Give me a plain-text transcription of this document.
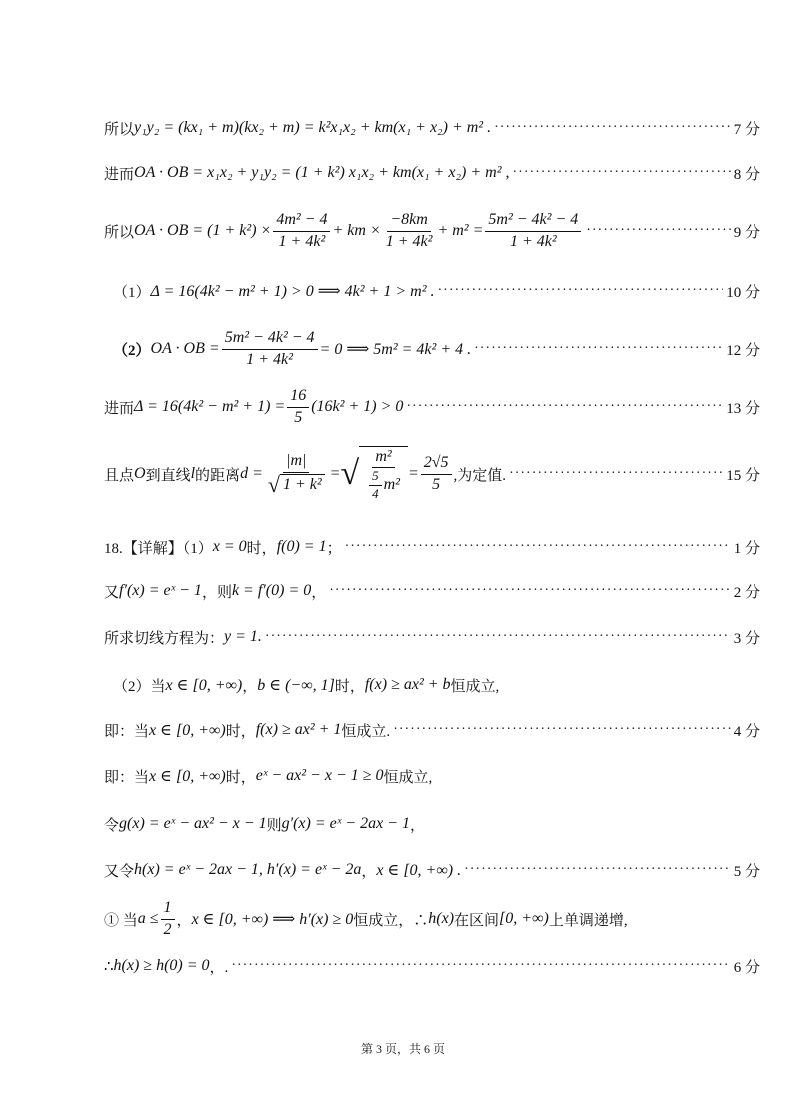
所以 y₁y₂ = (kx₁ + m)(kx₂ + m) = k²x₁x₂ + km(x₁ + x₂) + m² . ·····	7 分
进而 OA · OB = x₁x₂ + y₁y₂ = (1 + k²) x₁x₂ + km(x₁ + x₂) + m² , ·····	8 分
所以 OA · OB = $(1 + k^2) \times \frac{\text{4m² − 4}}{\text{1 + 4k²}}$ + km × $\frac{-8km}{\text{1 + 4k²}} + m^2 = \frac{\text{5m² − 4k² − 4}}{\text{1 + 4k²}}$ ·····	9 分
（1） Δ = 16(4k² − m² + 1) > 0 ⟹ 4k² + 1 > m² . ·····	10 分
（2） OA · OB = $\frac{\text{5m² − 4k² − 4}}{\text{1 + 4k²}} = 0$ ⟹ 5m² = 4k² + 4 . ·····	12 分
进而 $\Delta = 16(4k^2 - m^2 + 1) = \frac{16}{5} (16k^2 + 1) > 0$ ·····	13 分
且点 O 到直线 l 的距离 $d = \frac{|m|}{\text{√ 1 + k²}}$ = √ $\frac{\text{m²}}{\frac{5}{4} m^2} = \frac{2√5}{5}$ ,为定值. ·····	15 分
18.【详解】（1） x = 0 时， f(0) = 1 ； ·····	1 分
又 f′(x) = eˣ − 1 ，则 k = f′(0) = 0 ， ·····	2 分
所求切线方程为： y = 1. ·····	3 分
（2）当 x ∈ [0, +∞) ， b ∈ (−∞, 1] 时， f(x) ≥ ax² + b 恒成立,
即：当 x ∈ [0, +∞) 时， f(x) ≥ ax² + 1 恒成立. ·····	4 分
即：当 x ∈ [0, +∞) 时， eˣ − ax² − x − 1 ≥ 0 恒成立,
令 g(x) = eˣ − ax² − x − 1 则 g′(x) = eˣ − 2ax − 1 ，
又令 h(x) = eˣ − 2ax − 1, h′(x) = eˣ − 2a ， x ∈ [0, +∞) . ·····	5 分
① 当 $a \le \frac{1}{2}$ ， x ∈ [0, +∞) ⟹ h′(x) ≥ 0 恒成立，∴ h(x) 在区间 [0, +∞) 上单调递增,
∴ h(x) ≥ h(0) = 0 ，. ·····	6 分
第 3 页，共 6 页
